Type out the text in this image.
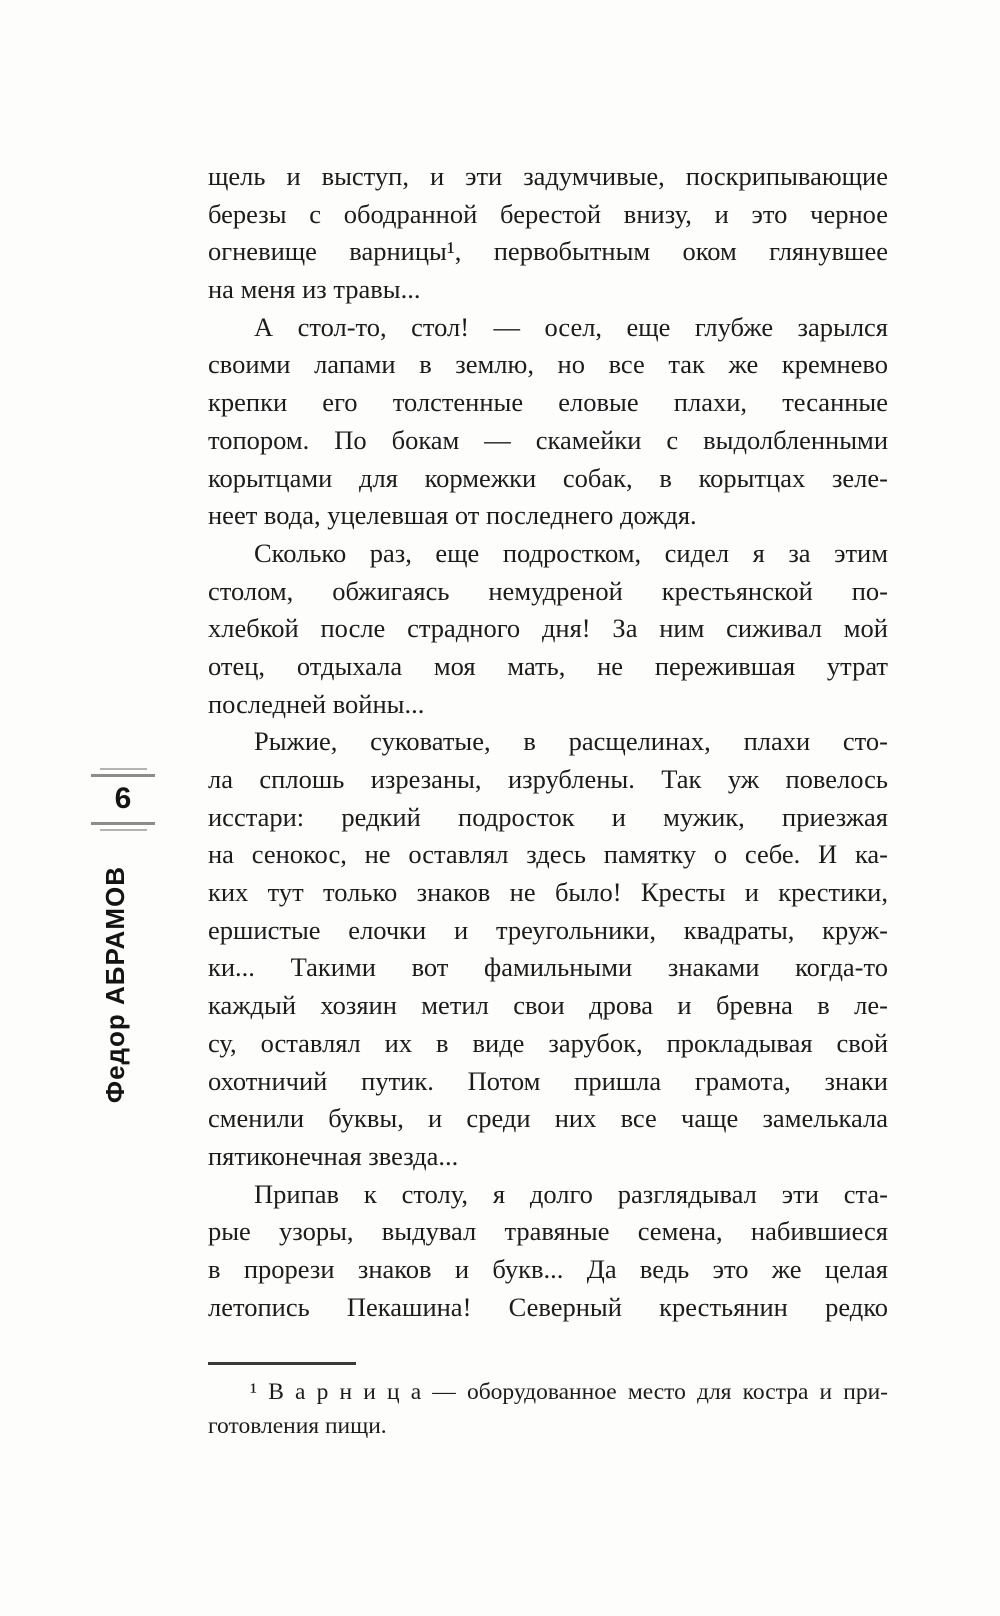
6
Федор АБРАМОВ
щель и выступ, и эти задумчивые, поскрипывающие
березы с ободранной берестой внизу, и это черное
огневище варницы¹, первобытным оком глянувшее
на меня из травы...
А стол-то, стол! — осел, еще глубже зарылся
своими лапами в землю, но все так же кремнево
крепки его толстенные еловые плахи, тесанные
топором. По бокам — скамейки с выдолбленными
корытцами для кормежки собак, в корытцах зеле-
неет вода, уцелевшая от последнего дождя.
Сколько раз, еще подростком, сидел я за этим
столом, обжигаясь немудреной крестьянской по-
хлебкой после страдного дня! За ним сиживал мой
отец, отдыхала моя мать, не пережившая утрат
последней войны...
Рыжие, суковатые, в расщелинах, плахи сто-
ла сплошь изрезаны, изрублены. Так уж повелось
исстари: редкий подросток и мужик, приезжая
на сенокос, не оставлял здесь памятку о себе. И ка-
ких тут только знаков не было! Кресты и крестики,
ершистые елочки и треугольники, квадраты, круж-
ки... Такими вот фамильными знаками когда-то
каждый хозяин метил свои дрова и бревна в ле-
су, оставлял их в виде зарубок, прокладывая свой
охотничий путик. Потом пришла грамота, знаки
сменили буквы, и среди них все чаще замелькала
пятиконечная звезда...
Припав к столу, я долго разглядывал эти ста-
рые узоры, выдувал травяные семена, набившиеся
в прорези знаков и букв... Да ведь это же целая
летопись Пекашина! Северный крестьянин редко
¹ В а р н и ц а — оборудованное место для костра и при-
готовления пищи.
